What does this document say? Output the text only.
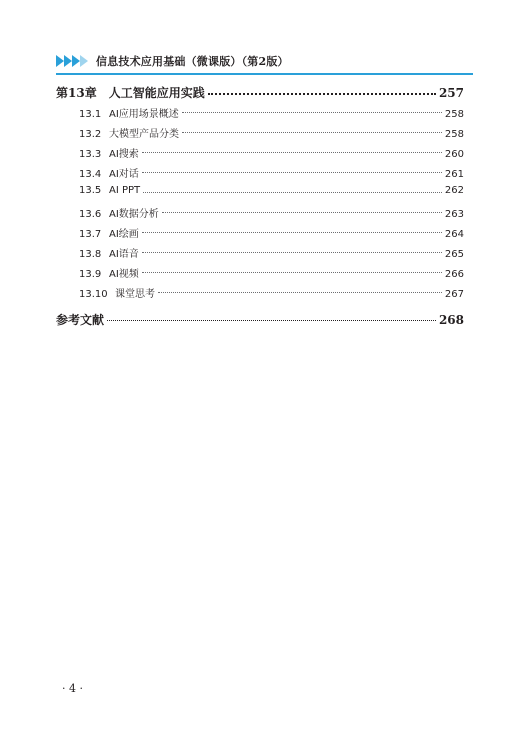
信息技术应用基础（微课版）（第2版）
第13章 人工智能应用实践	257
13.1 AI应用场景概述	258
13.2 大模型产品分类	258
13.3 AI搜索	260
13.4 AI对话	261
13.5 AI PPT	262
13.6 AI数据分析	263
13.7 AI绘画	264
13.8 AI语音	265
13.9 AI视频	266
13.10 课堂思考	267
参考文献	268
· 4 ·
